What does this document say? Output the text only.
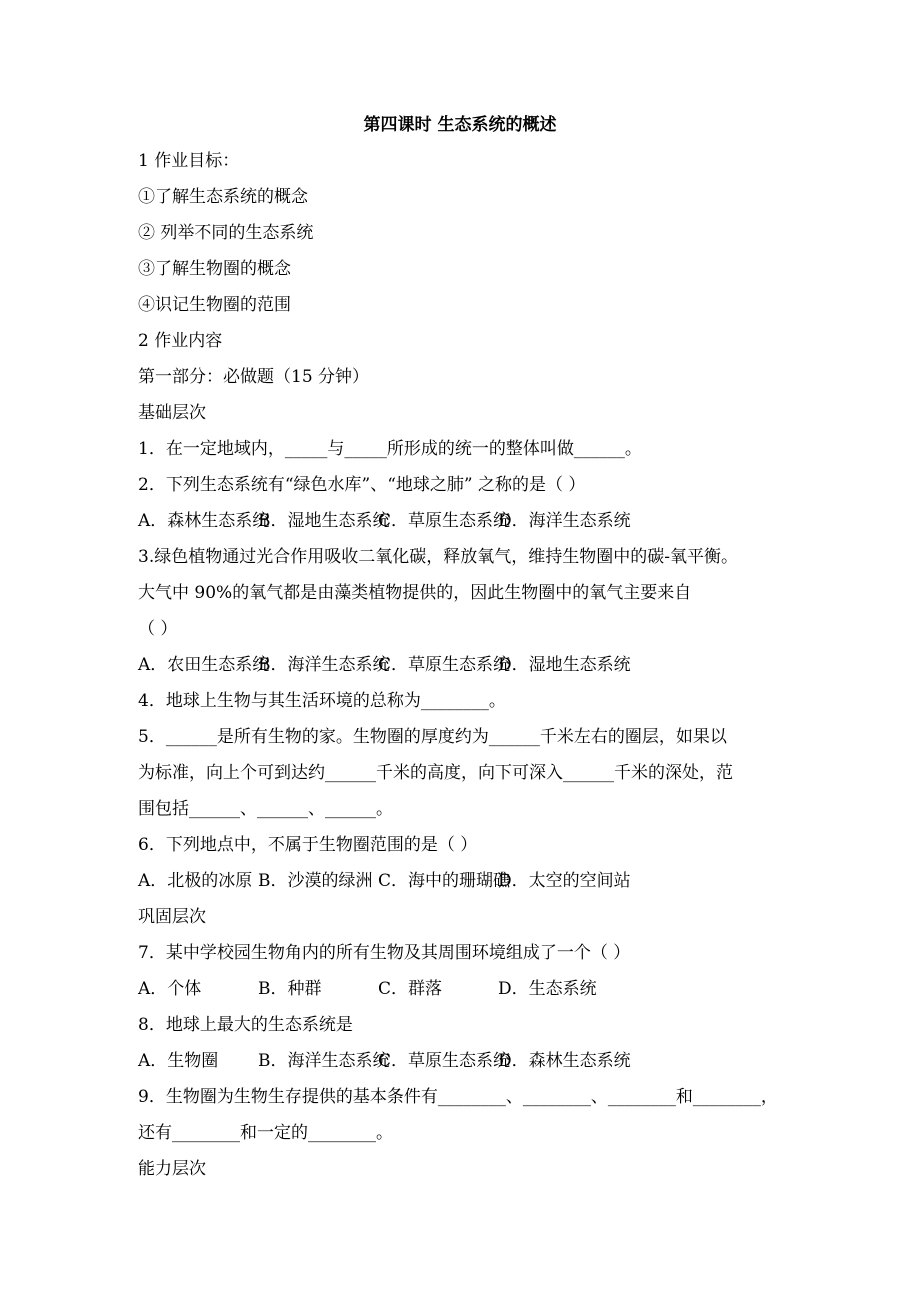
第四课时 生态系统的概述
1 作业目标：
①了解生态系统的概念
② 列举不同的生态系统
③了解生物圈的概念
④识记生物圈的范围
2 作业内容
第一部分：必做题（15 分钟）
基础层次
1．在一定地域内，_____与_____所形成的统一的整体叫做______。
2．下列生态系统有“绿色水库”、“地球之肺” 之称的是（ ）
A．森林生态系统
B．湿地生态系统
C．草原生态系统
D．海洋生态系统
3.绿色植物通过光合作用吸收二氧化碳，释放氧气，维持生物圈中的碳-氧平衡。
大气中 90%的氧气都是由藻类植物提供的，因此生物圈中的氧气主要来自
（ ）
A．农田生态系统
B．海洋生态系统
C．草原生态系统
D．湿地生态系统
4．地球上生物与其生活环境的总称为________。
5．______是所有生物的家。生物圈的厚度约为______千米左右的圈层，如果以
为标准，向上个可到达约______千米的高度，向下可深入______千米的深处，范
围包括______、______、______。
6．下列地点中，不属于生物圈范围的是（ ）
A．北极的冰原 B．沙漠的绿洲 C．海中的珊瑚礁
D．太空的空间站
巩固层次
7．某中学校园生物角内的所有生物及其周围环境组成了一个（ ）
A．个体	B．种群	C．群落	D．生态系统
8．地球上最大的生态系统是
A．生物圈 B．海洋生态系统
C．草原生态系统
D．森林生态系统
9．生物圈为生物生存提供的基本条件有________、________、________和________，
还有________和一定的________。
能力层次
